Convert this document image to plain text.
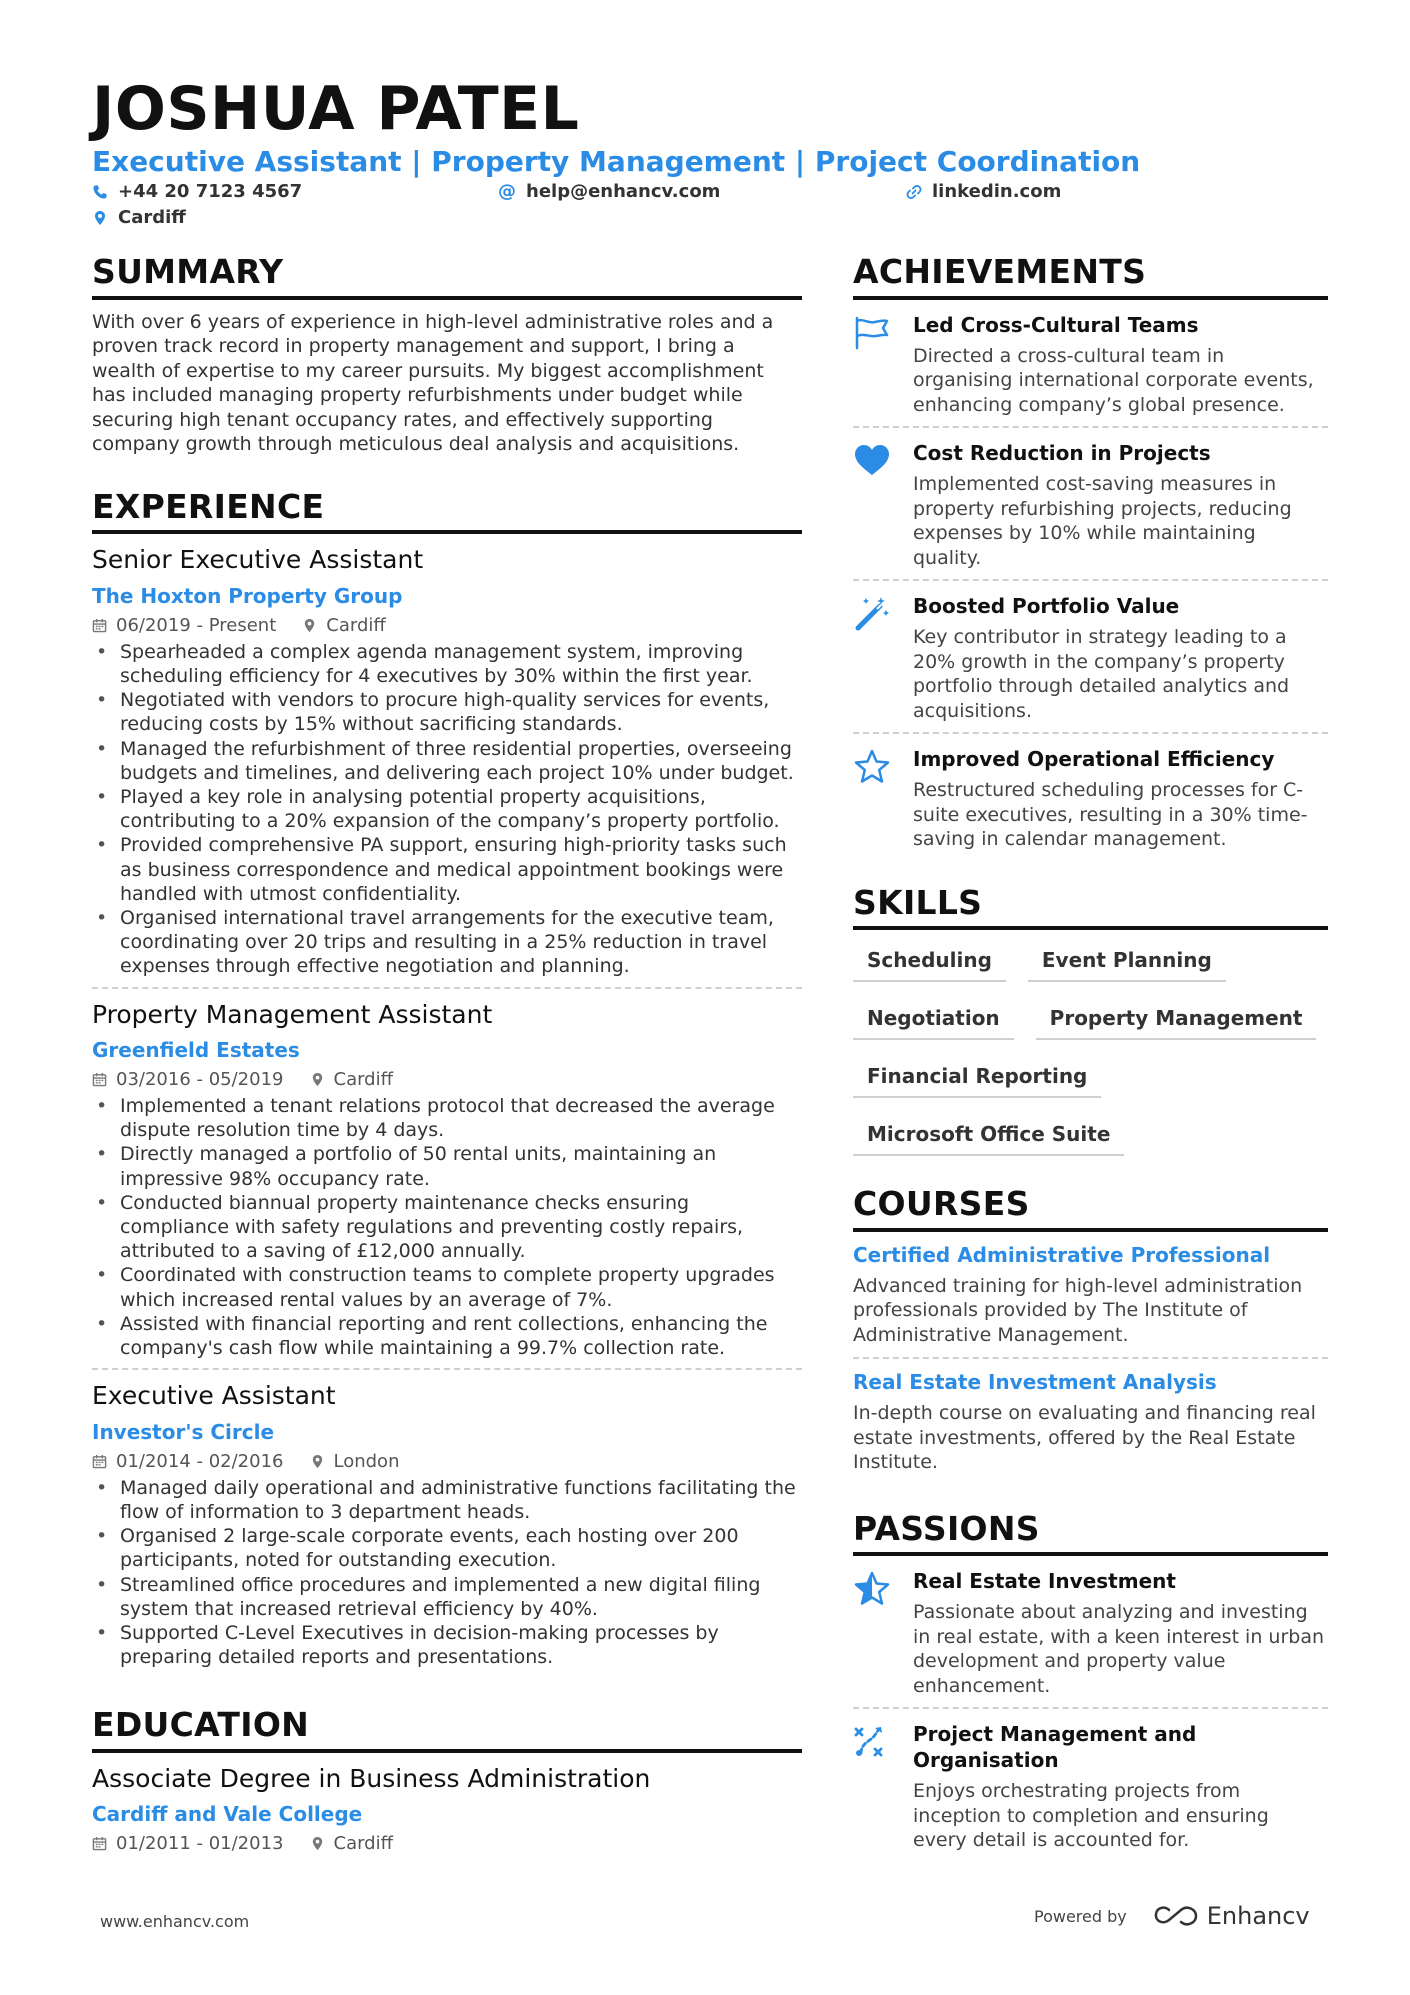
JOSHUA PATEL
Executive Assistant | Property Management | Project Coordination
+44 20 7123 4567	@ help@enhancv.com	linkedin.com
Cardiff
SUMMARY
With over 6 years of experience in high-level administrative roles and a proven track record in property management and support, I bring a wealth of expertise to my career pursuits. My biggest accomplishment has included managing property refurbishments under budget while securing high tenant occupancy rates, and effectively supporting company growth through meticulous deal analysis and acquisitions.
EXPERIENCE
Senior Executive Assistant
The Hoxton Property Group
06/2019 - Present	Cardiff
• Spearheaded a complex agenda management system, improving scheduling efficiency for 4 executives by 30% within the first year.
• Negotiated with vendors to procure high-quality services for events, reducing costs by 15% without sacrificing standards.
• Managed the refurbishment of three residential properties, overseeing budgets and timelines, and delivering each project 10% under budget.
• Played a key role in analysing potential property acquisitions, contributing to a 20% expansion of the company’s property portfolio.
• Provided comprehensive PA support, ensuring high-priority tasks such as business correspondence and medical appointment bookings were handled with utmost confidentiality.
• Organised international travel arrangements for the executive team, coordinating over 20 trips and resulting in a 25% reduction in travel expenses through effective negotiation and planning.
Property Management Assistant
Greenfield Estates
03/2016 - 05/2019	Cardiff
• Implemented a tenant relations protocol that decreased the average dispute resolution time by 4 days.
• Directly managed a portfolio of 50 rental units, maintaining an impressive 98% occupancy rate.
• Conducted biannual property maintenance checks ensuring compliance with safety regulations and preventing costly repairs, attributed to a saving of £12,000 annually.
• Coordinated with construction teams to complete property upgrades which increased rental values by an average of 7%.
• Assisted with financial reporting and rent collections, enhancing the company's cash flow while maintaining a 99.7% collection rate.
Executive Assistant
Investor's Circle
01/2014 - 02/2016	London
• Managed daily operational and administrative functions facilitating the flow of information to 3 department heads.
• Organised 2 large-scale corporate events, each hosting over 200 participants, noted for outstanding execution.
• Streamlined office procedures and implemented a new digital filing system that increased retrieval efficiency by 40%.
• Supported C-Level Executives in decision-making processes by preparing detailed reports and presentations.
EDUCATION
Associate Degree in Business Administration
Cardiff and Vale College
01/2011 - 01/2013	Cardiff
ACHIEVEMENTS
Led Cross-Cultural Teams
Directed a cross-cultural team in organising international corporate events, enhancing company’s global presence.
Cost Reduction in Projects
Implemented cost-saving measures in property refurbishing projects, reducing expenses by 10% while maintaining quality.
Boosted Portfolio Value
Key contributor in strategy leading to a 20% growth in the company’s property portfolio through detailed analytics and acquisitions.
Improved Operational Efficiency
Restructured scheduling processes for C-suite executives, resulting in a 30% time-saving in calendar management.
SKILLS
Scheduling	Event Planning
Negotiation	Property Management
Financial Reporting
Microsoft Office Suite
COURSES
Certified Administrative Professional
Advanced training for high-level administration professionals provided by The Institute of Administrative Management.
Real Estate Investment Analysis
In-depth course on evaluating and financing real estate investments, offered by the Real Estate Institute.
PASSIONS
Real Estate Investment
Passionate about analyzing and investing in real estate, with a keen interest in urban development and property value enhancement.
Project Management and Organisation
Enjoys orchestrating projects from inception to completion and ensuring every detail is accounted for.
www.enhancv.com	Powered by	Enhancv
